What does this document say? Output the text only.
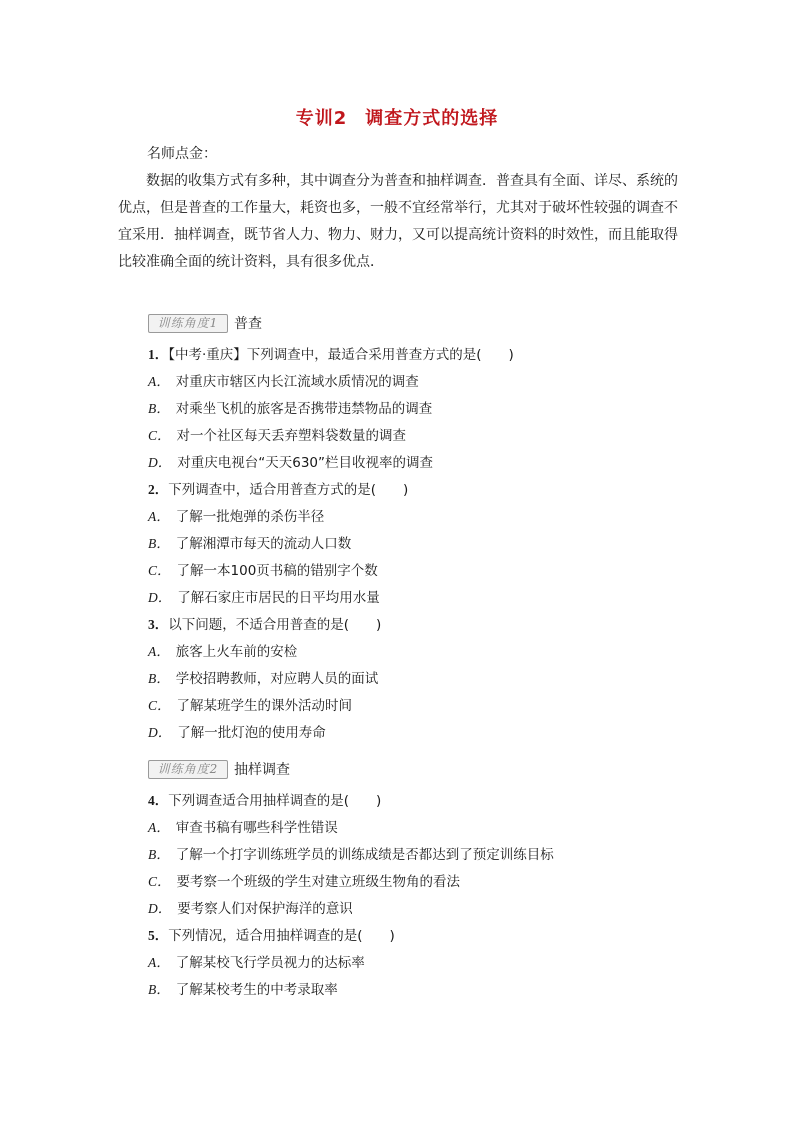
专训2 调查方式的选择
名师点金：
数据的收集方式有多种，其中调查分为普查和抽样调查．普查具有全面、详尽、系统的优点，但是普查的工作量大，耗资也多，一般不宜经常举行，尤其对于破坏性较强的调查不宜采用．抽样调查，既节省人力、物力、财力，又可以提高统计资料的时效性，而且能取得比较准确全面的统计资料，具有很多优点．
训练角度1	普查
1．【中考·重庆】下列调查中，最适合采用普查方式的是(　　)
A． 对重庆市辖区内长江流域水质情况的调查
B． 对乘坐飞机的旅客是否携带违禁物品的调查
C． 对一个社区每天丢弃塑料袋数量的调查
D． 对重庆电视台“天天630”栏目收视率的调查
2．下列调查中，适合用普查方式的是(　　)
A． 了解一批炮弹的杀伤半径
B． 了解湘潭市每天的流动人口数
C． 了解一本100页书稿的错别字个数
D． 了解石家庄市居民的日平均用水量
3．以下问题，不适合用普查的是(　　)
A． 旅客上火车前的安检
B． 学校招聘教师，对应聘人员的面试
C． 了解某班学生的课外活动时间
D． 了解一批灯泡的使用寿命
训练角度2	抽样调查
4．下列调查适合用抽样调查的是(　　)
A． 审查书稿有哪些科学性错误
B． 了解一个打字训练班学员的训练成绩是否都达到了预定训练目标
C． 要考察一个班级的学生对建立班级生物角的看法
D． 要考察人们对保护海洋的意识
5．下列情况，适合用抽样调查的是(　　)
A． 了解某校飞行学员视力的达标率
B． 了解某校考生的中考录取率
